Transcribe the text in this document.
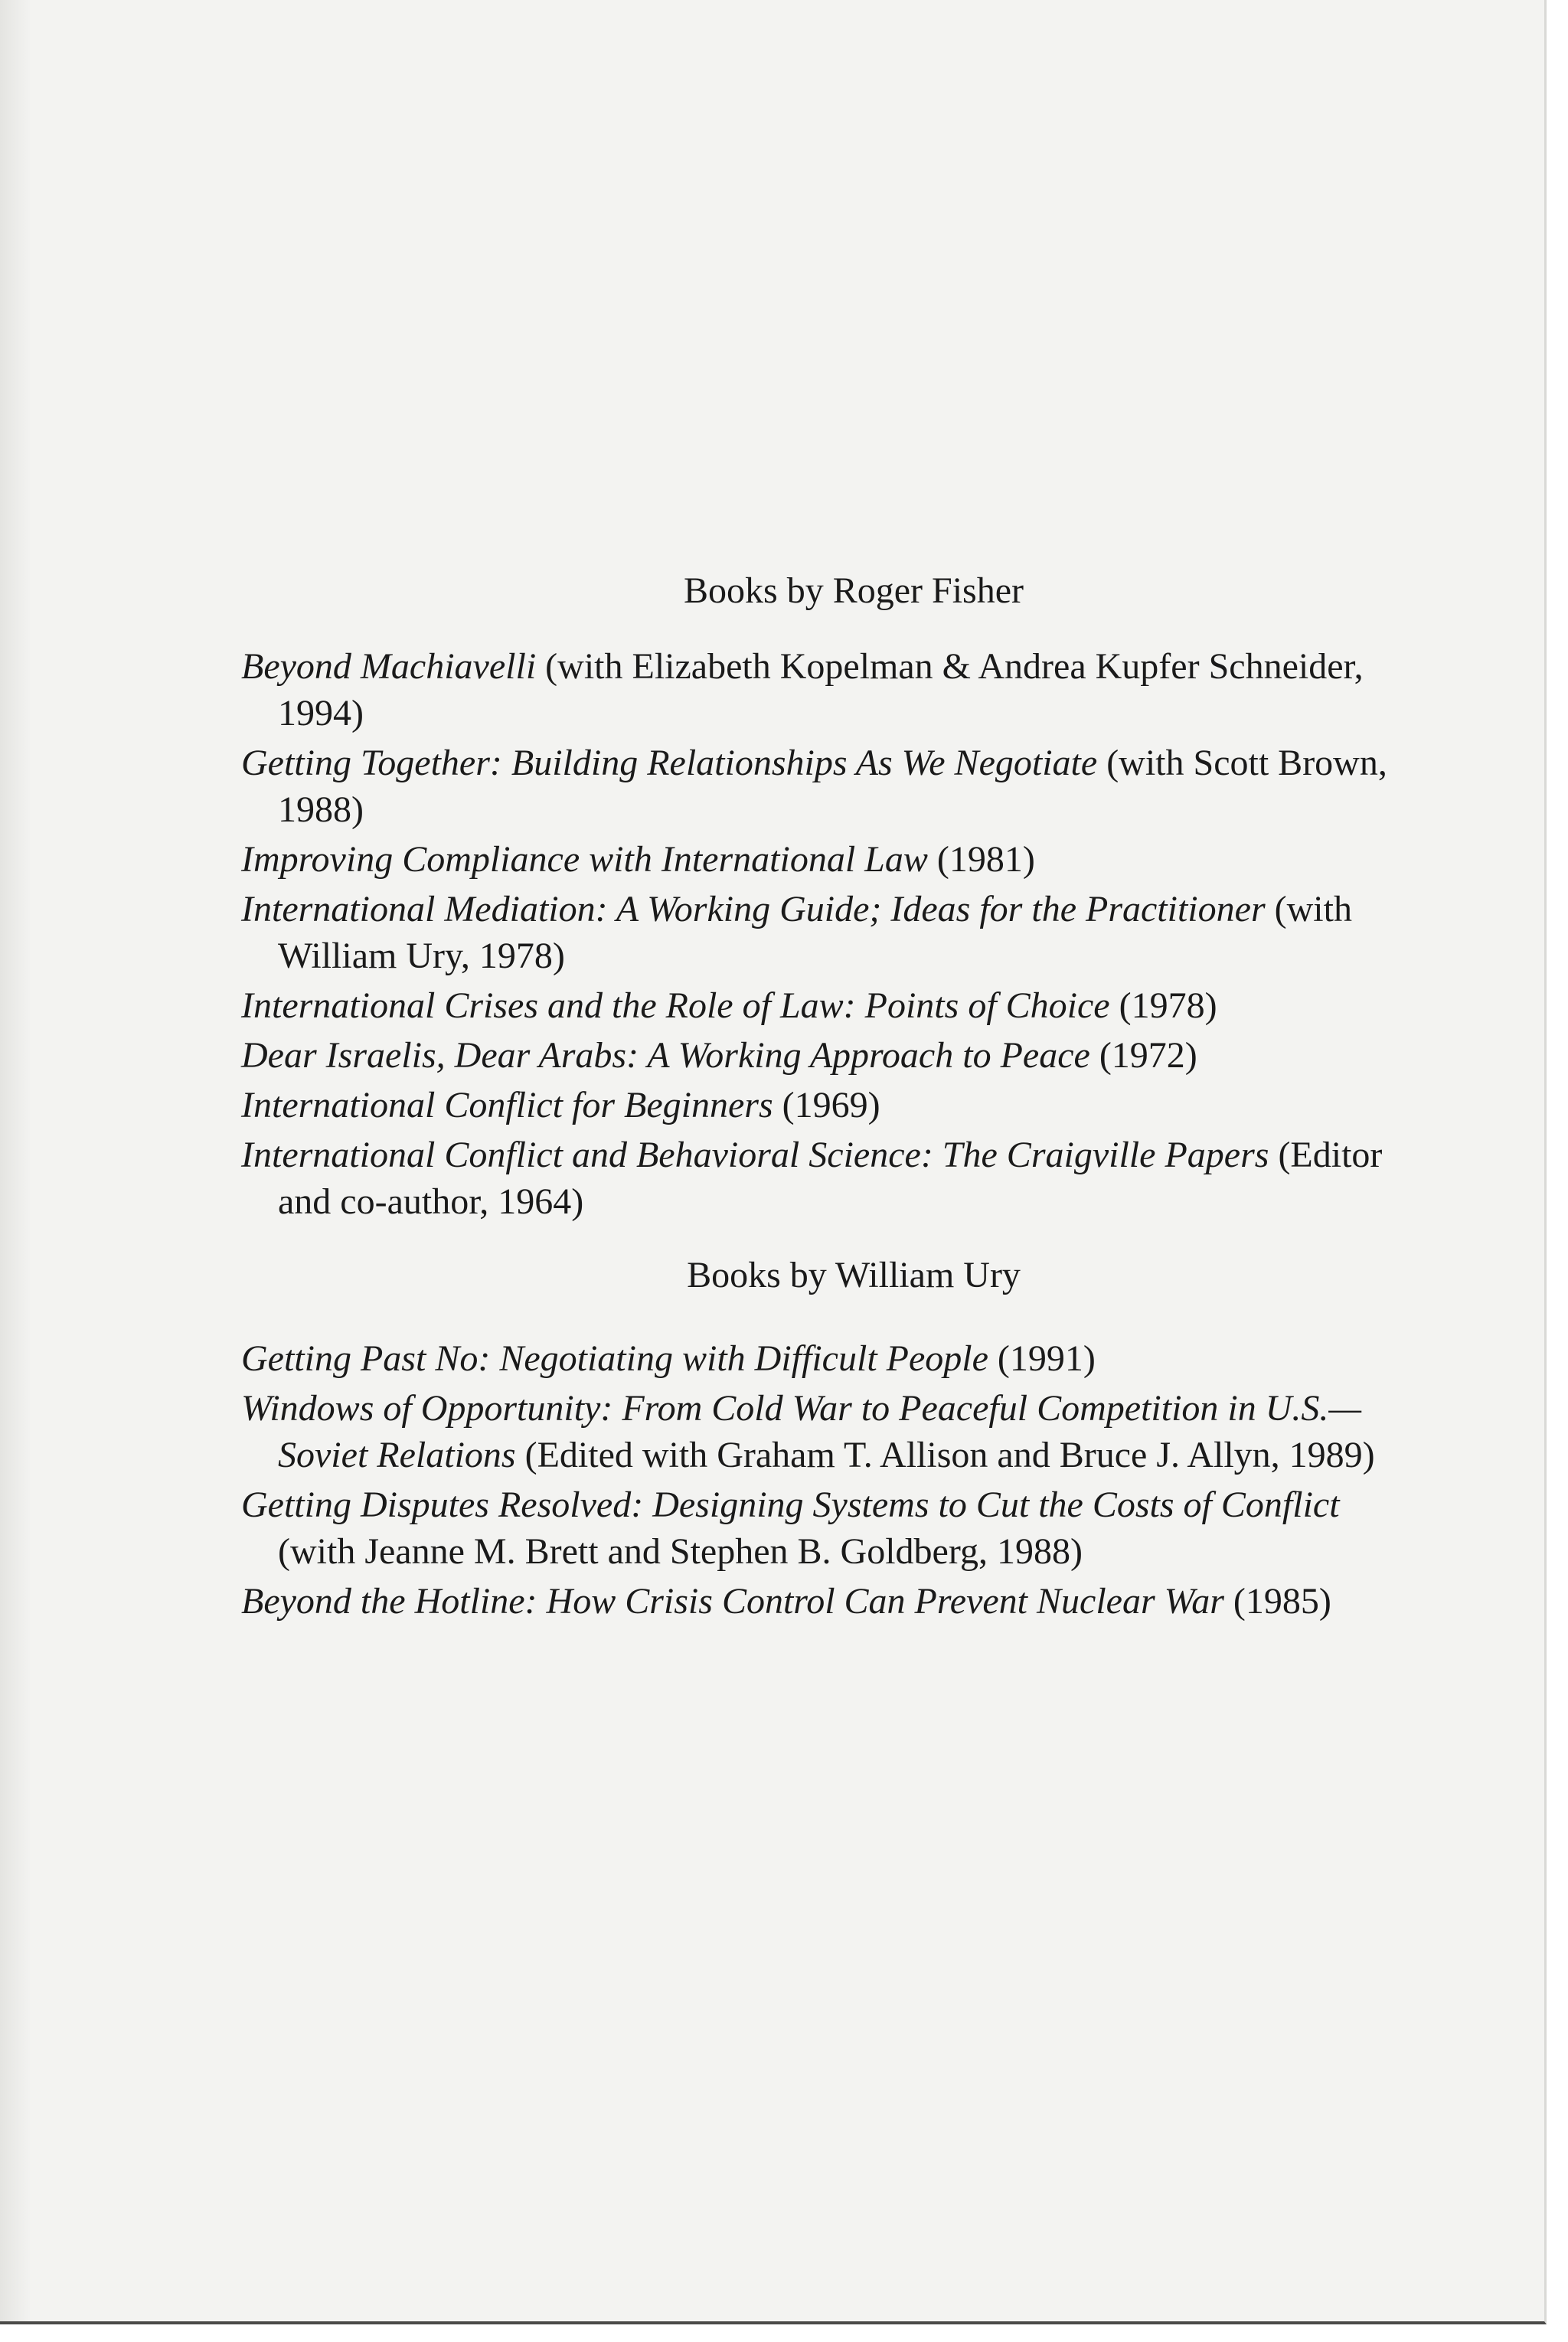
Books by Roger Fisher
Beyond Machiavelli (with Elizabeth Kopelman & Andrea Kupfer Schneider, 1994)
Getting Together: Building Relationships As We Negotiate (with Scott Brown, 1988)
Improving Compliance with International Law (1981)
International Mediation: A Working Guide; Ideas for the Practitioner (with William Ury, 1978)
International Crises and the Role of Law: Points of Choice (1978)
Dear Israelis, Dear Arabs: A Working Approach to Peace (1972)
International Conflict for Beginners (1969)
International Conflict and Behavioral Science: The Craigville Papers (Editor and co-author, 1964)
Books by William Ury
Getting Past No: Negotiating with Difficult People (1991)
Windows of Opportunity: From Cold War to Peaceful Competition in U.S.—Soviet Relations (Edited with Graham T. Allison and Bruce J. Allyn, 1989)
Getting Disputes Resolved: Designing Systems to Cut the Costs of Conflict (with Jeanne M. Brett and Stephen B. Goldberg, 1988)
Beyond the Hotline: How Crisis Control Can Prevent Nuclear War (1985)
